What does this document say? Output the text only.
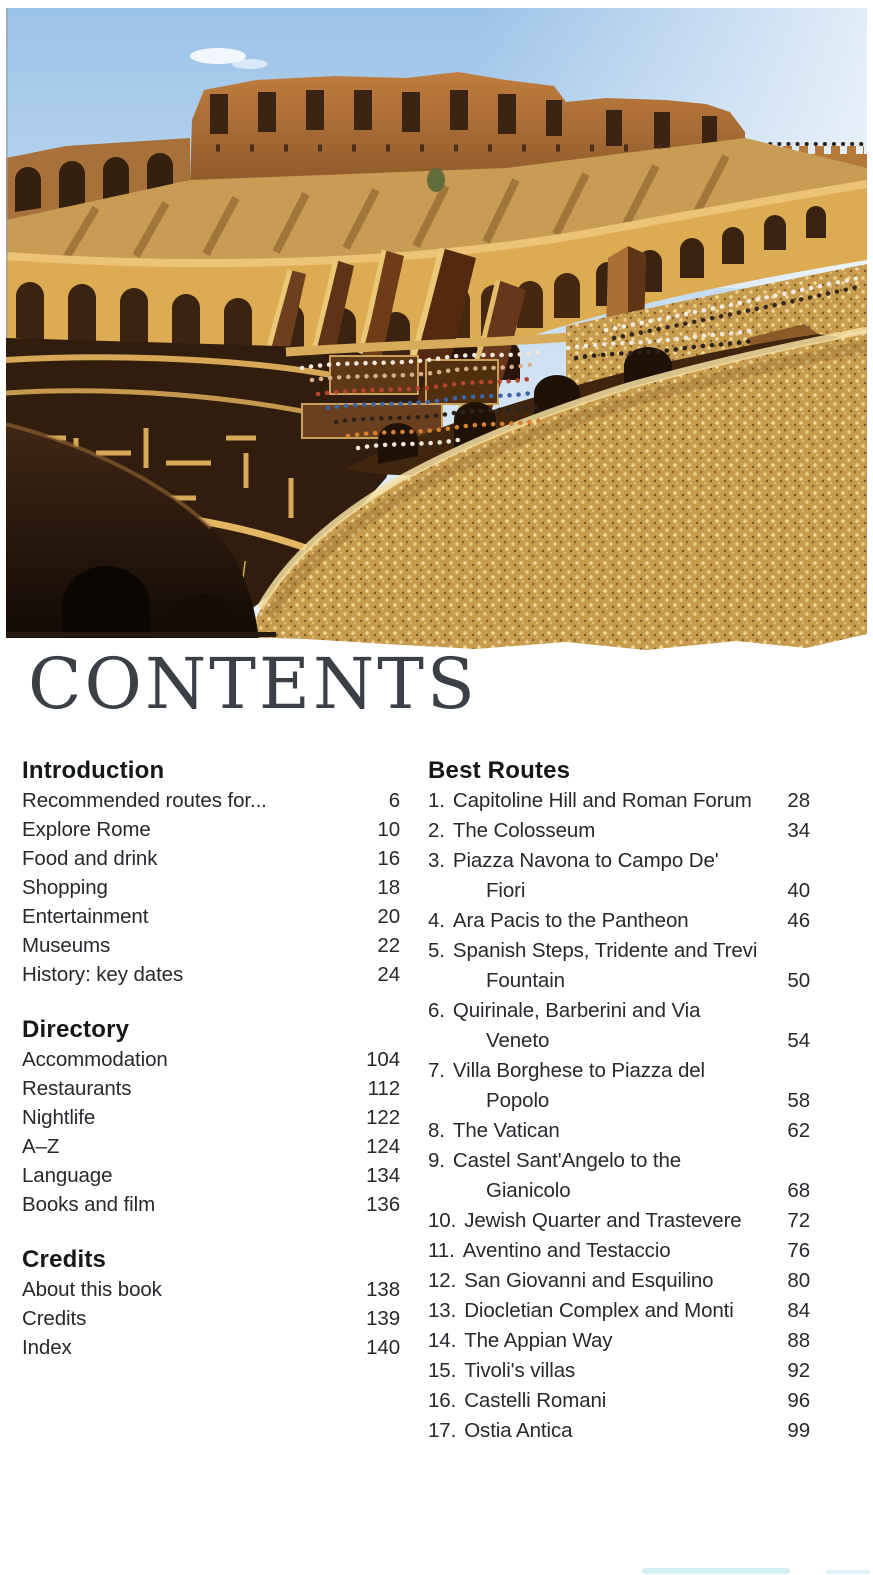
CONTENTS
Introduction
Recommended routes for...	6
Explore Rome	10
Food and drink	16
Shopping	18
Entertainment	20
Museums	22
History: key dates	24
Directory
Accommodation	104
Restaurants	112
Nightlife	122
A–Z	124
Language	134
Books and film	136
Credits
About this book	138
Credits	139
Index	140
Best Routes
1. Capitoline Hill and Roman Forum 28
2. The Colosseum	34
3. Piazza Navona to Campo De'
Fiori	40
4. Ara Pacis to the Pantheon	46
5. Spanish Steps, Tridente and Trevi
Fountain	50
6. Quirinale, Barberini and Via
Veneto	54
7. Villa Borghese to Piazza del
Popolo	58
8. The Vatican	62
9. Castel Sant'Angelo to the
Gianicolo	68
10. Jewish Quarter and Trastevere 72
11. Aventino and Testaccio	76
12. San Giovanni and Esquilino	80
13. Diocletian Complex and Monti	84
14. The Appian Way	88
15. Tivoli's villas	92
16. Castelli Romani	96
17. Ostia Antica	99
